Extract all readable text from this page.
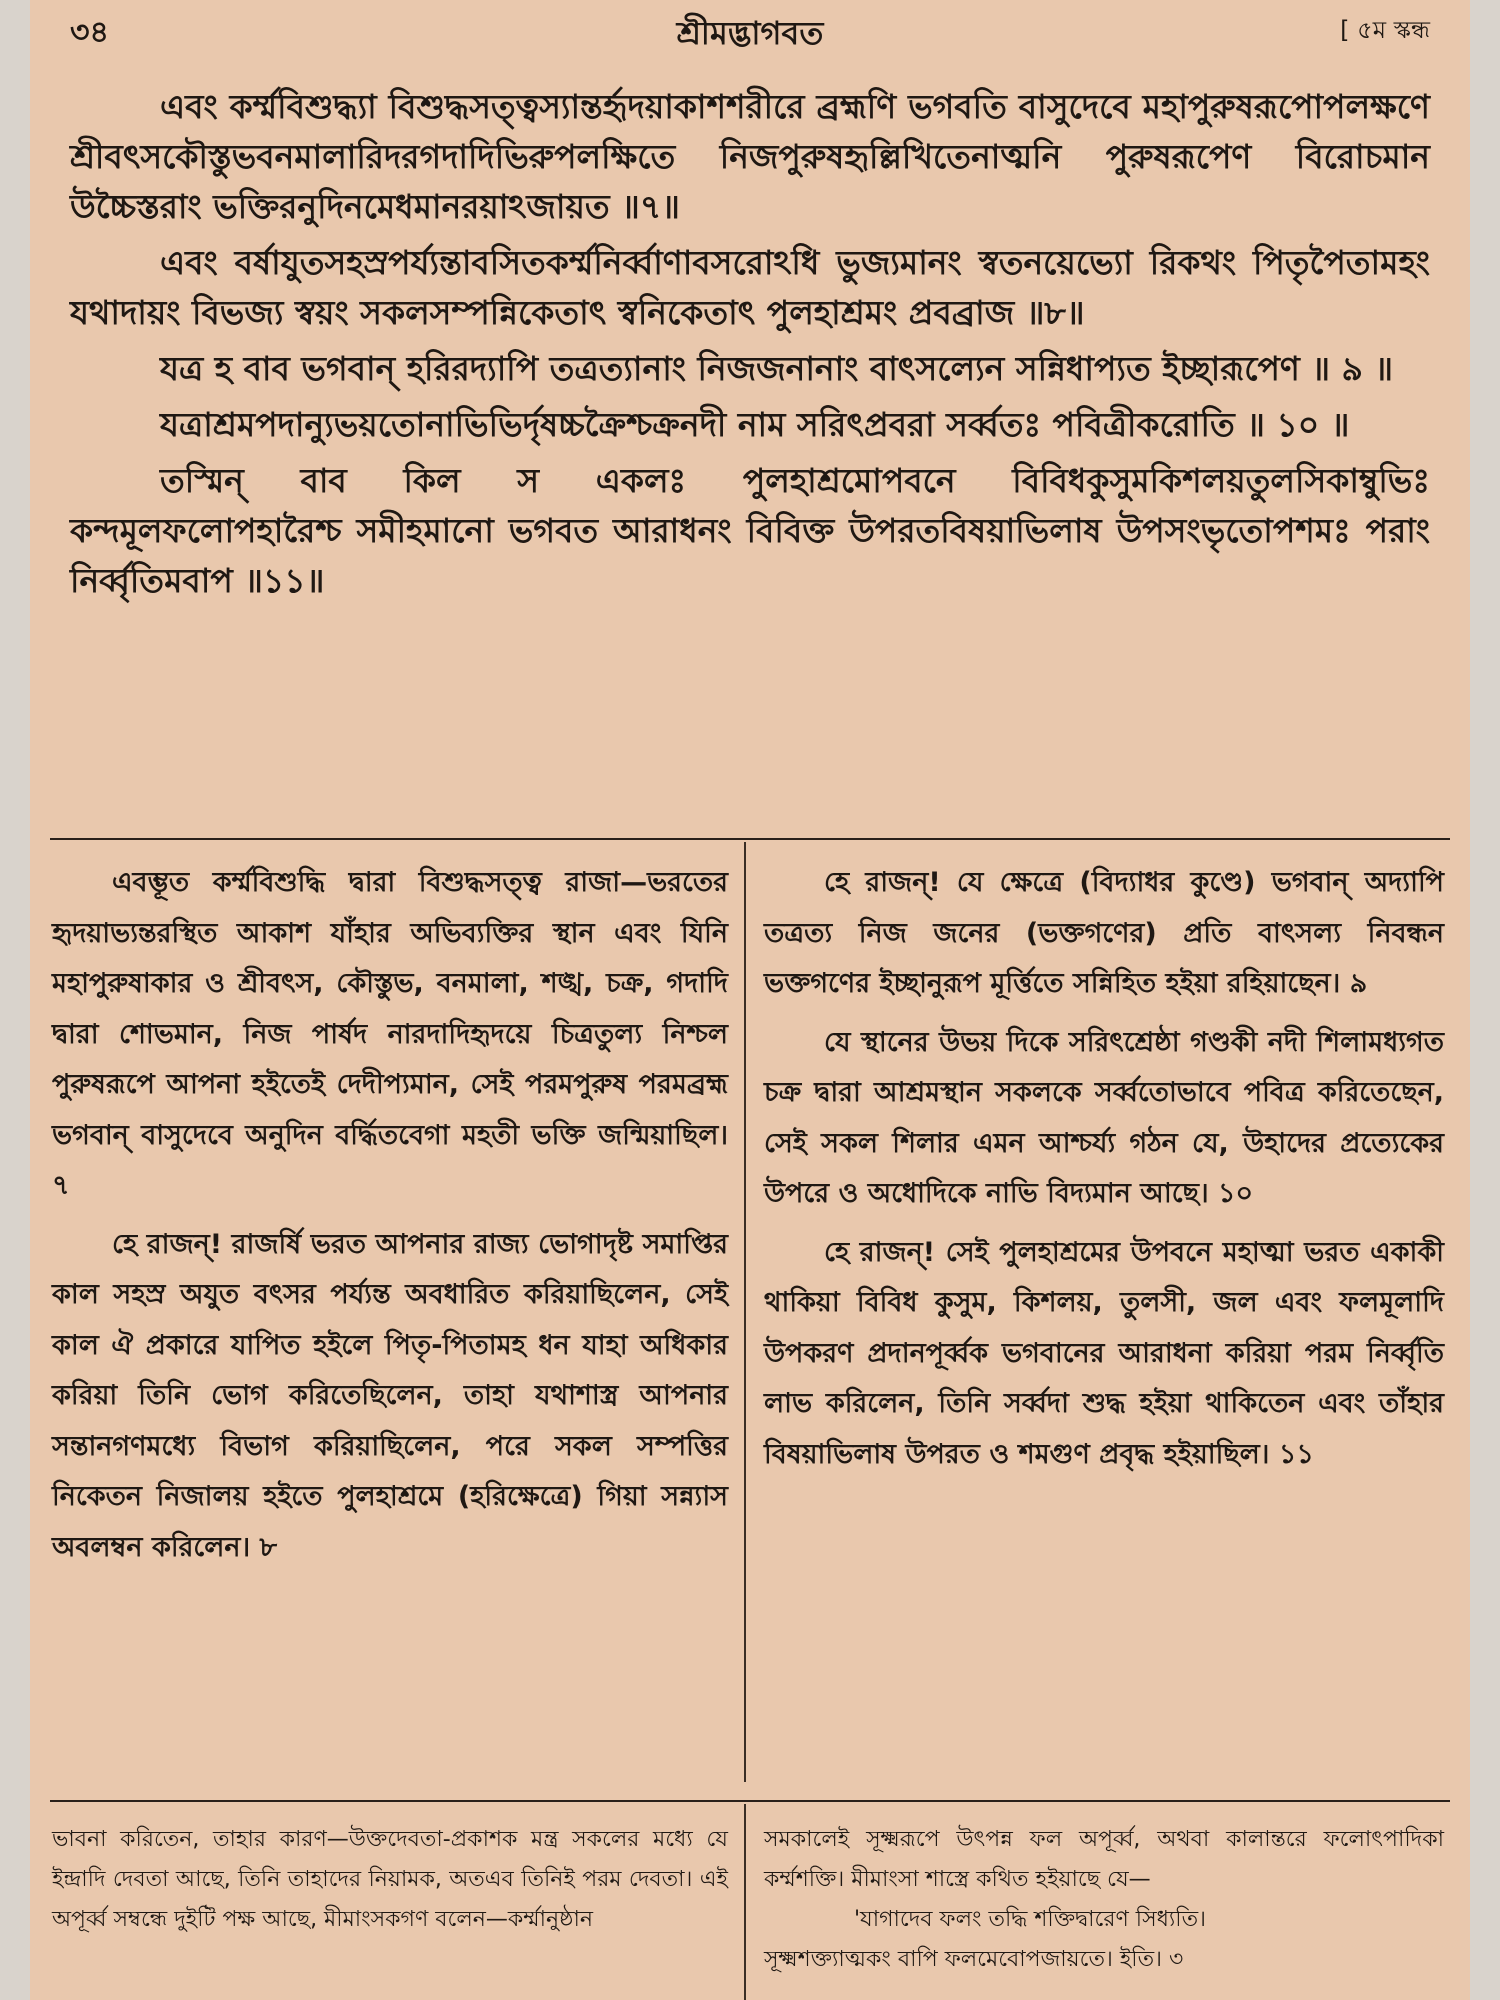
৩৪	শ্রীমদ্ভাগবত	[ ৫ম স্কন্ধ

এবং কর্ম্মবিশুদ্ধ্যা বিশুদ্ধসত্ত্বস্যান্তর্হৃদয়াকাশশরীরে ব্রহ্মণি ভগবতি বাসুদেবে মহাপুরুষরূপোপলক্ষণে শ্রীবৎসকৌস্তুভবনমালারিদরগদাদিভিরুপলক্ষিতে নিজপুরুষহৃল্লিখিতেনাত্মনি পুরুষরূপেণ বিরোচমান উচ্চৈস্তরাং ভক্তিরনুদিনমেধমানরয়াঽজায়ত ॥৭॥

এবং বর্ষাযুতসহস্রপর্য্যন্তাবসিতকর্ম্মনির্ব্বাণাবসরোঽধি ভুজ্যমানং স্বতনয়েভ্যো রিকথং পিতৃপৈতামহং যথাদায়ং বিভজ্য স্বয়ং সকলসম্পন্নিকেতাৎ স্বনিকেতাৎ পুলহাশ্রমং প্রবব্রাজ ॥৮॥

যত্র হ বাব ভগবান্ হরিরদ্যাপি তত্রত্যানাং নিজজনানাং বাৎসল্যেন সন্নিধাপ্যত ইচ্ছারূপেণ ॥ ৯ ॥

যত্রাশ্রমপদান্যুভয়তোনাভিভির্দৃষচ্চক্রৈশ্চক্রনদী নাম সরিৎপ্রবরা সর্ব্বতঃ পবিত্রীকরোতি ॥ ১০ ॥

তস্মিন্ বাব কিল স একলঃ পুলহাশ্রমোপবনে বিবিধকুসুমকিশলয়তুলসিকাম্বুভিঃ কন্দমূলফলোপহারৈশ্চ সমীহমানো ভগবত আরাধনং বিবিক্ত উপরতবিষয়াভিলাষ উপসংভৃতোপশমঃ পরাং নির্ব্বৃতিমবাপ ॥১১॥

এবম্ভূত কর্ম্মবিশুদ্ধি দ্বারা বিশুদ্ধসত্ত্ব রাজা—ভরতের হৃদয়াভ্যন্তরস্থিত আকাশ যাঁহার অভিব্যক্তির স্থান এবং যিনি মহাপুরুষাকার ও শ্রীবৎস, কৌস্তুভ, বনমালা, শঙ্খ, চক্র, গদাদি দ্বারা শোভমান, নিজ পার্ষদ নারদাদিহৃদয়ে চিত্রতুল্য নিশ্চল পুরুষরূপে আপনা হইতেই দেদীপ্যমান, সেই পরমপুরুষ পরমব্রহ্ম ভগবান্ বাসুদেবে অনুদিন বর্দ্ধিতবেগা মহতী ভক্তি জন্মিয়াছিল। ৭

হে রাজন্! রাজর্ষি ভরত আপনার রাজ্য ভোগাদৃষ্ট সমাপ্তির কাল সহস্র অযুত বৎসর পর্য্যন্ত অবধারিত করিয়াছিলেন, সেই কাল ঐ প্রকারে যাপিত হইলে পিতৃ-পিতামহ ধন যাহা অধিকার করিয়া তিনি ভোগ করিতেছিলেন, তাহা যথাশাস্ত্র আপনার সন্তানগণমধ্যে বিভাগ করিয়াছিলেন, পরে সকল সম্পত্তির নিকেতন নিজালয় হইতে পুলহাশ্রমে (হরিক্ষেত্রে) গিয়া সন্ন্যাস অবলম্বন করিলেন। ৮

হে রাজন্! যে ক্ষেত্রে (বিদ্যাধর কুণ্ডে) ভগবান্ অদ্যাপি তত্রত্য নিজ জনের (ভক্তগণের) প্রতি বাৎসল্য নিবন্ধন ভক্তগণের ইচ্ছানুরূপ মূর্ত্তিতে সন্নিহিত হইয়া রহিয়াছেন। ৯

যে স্থানের উভয় দিকে সরিৎশ্রেষ্ঠা গণ্ডকী নদী শিলামধ্যগত চক্র দ্বারা আশ্রমস্থান সকলকে সর্ব্বতোভাবে পবিত্র করিতেছেন, সেই সকল শিলার এমন আশ্চর্য্য গঠন যে, উহাদের প্রত্যেকের উপরে ও অধোদিকে নাভি বিদ্যমান আছে। ১০

হে রাজন্! সেই পুলহাশ্রমের উপবনে মহাত্মা ভরত একাকী থাকিয়া বিবিধ কুসুম, কিশলয়, তুলসী, জল এবং ফলমূলাদি উপকরণ প্রদানপূর্ব্বক ভগবানের আরাধনা করিয়া পরম নির্ব্বৃতি লাভ করিলেন, তিনি সর্ব্বদা শুদ্ধ হইয়া থাকিতেন এবং তাঁহার বিষয়াভিলাষ উপরত ও শমগুণ প্রবৃদ্ধ হইয়াছিল। ১১

ভাবনা করিতেন, তাহার কারণ—উক্তদেবতা-প্রকাশক মন্ত্র সকলের মধ্যে যে ইন্দ্রাদি দেবতা আছে, তিনি তাহাদের নিয়ামক, অতএব তিনিই পরম দেবতা। এই অপূর্ব্ব সম্বন্ধে দুইটি পক্ষ আছে, মীমাংসকগণ বলেন—কর্ম্মানুষ্ঠান

সমকালেই সূক্ষ্মরূপে উৎপন্ন ফল অপূর্ব্ব, অথবা কালান্তরে ফলোৎপাদিকা কর্ম্মশক্তি। মীমাংসা শাস্ত্রে কথিত হইয়াছে যে—

'যাগাদেব ফলং তদ্ধি শক্তিদ্বারেণ সিধ্যতি।

সূক্ষ্মশক্ত্যাত্মকং বাপি ফলমেবোপজায়তে। ইতি। ৩
